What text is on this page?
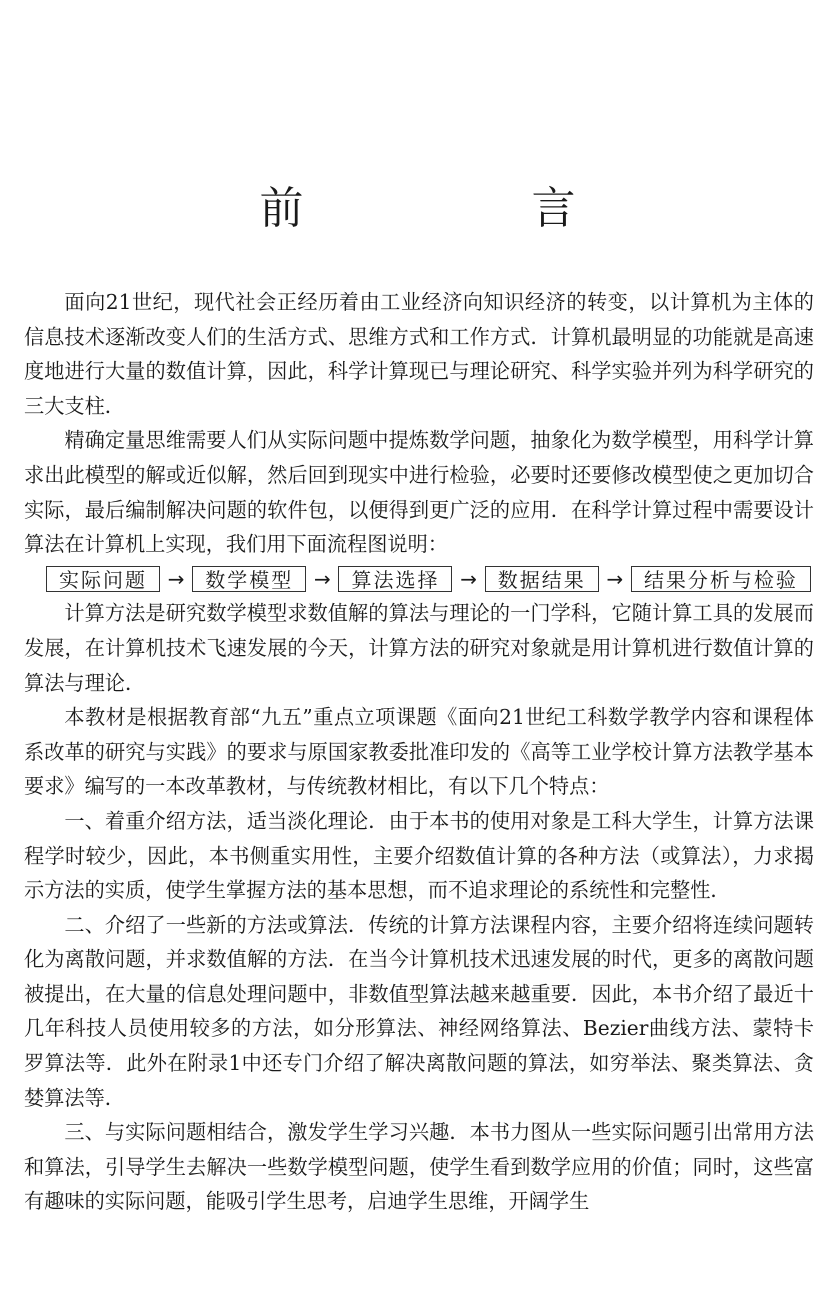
前　言

面向21世纪，现代社会正经历着由工业经济向知识经济的转变，以计算机为主体的信息技术逐渐改变人们的生活方式、思维方式和工作方式．计算机最明显的功能就是高速度地进行大量的数值计算，因此，科学计算现已与理论研究、科学实验并列为科学研究的三大支柱．

精确定量思维需要人们从实际问题中提炼数学问题，抽象化为数学模型，用科学计算求出此模型的解或近似解，然后回到现实中进行检验，必要时还要修改模型使之更加切合实际，最后编制解决问题的软件包，以便得到更广泛的应用．在科学计算过程中需要设计算法在计算机上实现，我们用下面流程图说明：

实际问题	→	数学模型	→	算法选择	→	数据结果	→	结果分析与检验

计算方法是研究数学模型求数值解的算法与理论的一门学科，它随计算工具的发展而发展，在计算机技术飞速发展的今天，计算方法的研究对象就是用计算机进行数值计算的算法与理论．

本教材是根据教育部“九五”重点立项课题《面向21世纪工科数学教学内容和课程体系改革的研究与实践》的要求与原国家教委批准印发的《高等工业学校计算方法教学基本要求》编写的一本改革教材，与传统教材相比，有以下几个特点：

一、着重介绍方法，适当淡化理论．由于本书的使用对象是工科大学生，计算方法课程学时较少，因此，本书侧重实用性，主要介绍数值计算的各种方法（或算法），力求揭示方法的实质，使学生掌握方法的基本思想，而不追求理论的系统性和完整性．

二、介绍了一些新的方法或算法．传统的计算方法课程内容，主要介绍将连续问题转化为离散问题，并求数值解的方法．在当今计算机技术迅速发展的时代，更多的离散问题被提出，在大量的信息处理问题中，非数值型算法越来越重要．因此，本书介绍了最近十几年科技人员使用较多的方法，如分形算法、神经网络算法、Bezier曲线方法、蒙特卡罗算法等．此外在附录1中还专门介绍了解决离散问题的算法，如穷举法、聚类算法、贪婪算法等．

三、与实际问题相结合，激发学生学习兴趣．本书力图从一些实际问题引出常用方法和算法，引导学生去解决一些数学模型问题，使学生看到数学应用的价值；同时，这些富有趣味的实际问题，能吸引学生思考，启迪学生思维，开阔学生
